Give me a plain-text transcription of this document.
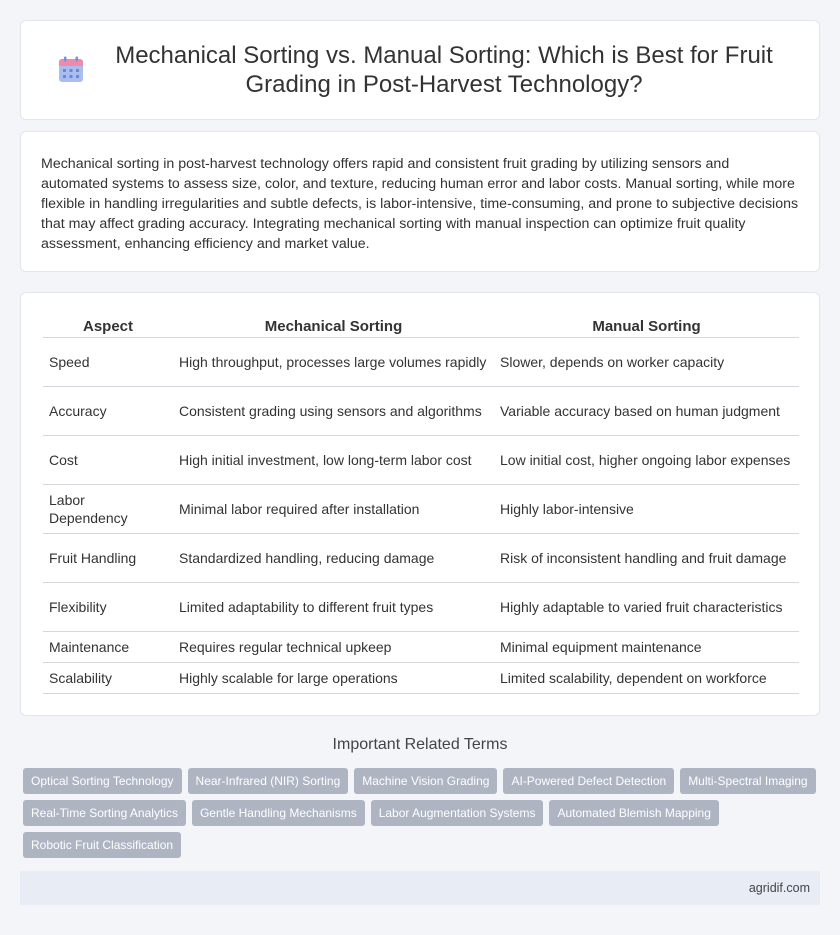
Mechanical Sorting vs. Manual Sorting: Which is Best for Fruit Grading in Post-Harvest Technology?

Mechanical sorting in post-harvest technology offers rapid and consistent fruit grading by utilizing sensors and automated systems to assess size, color, and texture, reducing human error and labor costs. Manual sorting, while more flexible in handling irregularities and subtle defects, is labor-intensive, time-consuming, and prone to subjective decisions that may affect grading accuracy. Integrating mechanical sorting with manual inspection can optimize fruit quality assessment, enhancing efficiency and market value.

Aspect	Mechanical Sorting	Manual Sorting
Speed	High throughput, processes large volumes rapidly	Slower, depends on worker capacity
Accuracy	Consistent grading using sensors and algorithms	Variable accuracy based on human judgment
Cost	High initial investment, low long-term labor cost	Low initial cost, higher ongoing labor expenses
Labor Dependency	Minimal labor required after installation	Highly labor-intensive
Fruit Handling	Standardized handling, reducing damage	Risk of inconsistent handling and fruit damage
Flexibility	Limited adaptability to different fruit types	Highly adaptable to varied fruit characteristics
Maintenance	Requires regular technical upkeep	Minimal equipment maintenance
Scalability	Highly scalable for large operations	Limited scalability, dependent on workforce
Important Related Terms
Optical Sorting Technology	Near-Infrared (NIR) Sorting	Machine Vision Grading	AI-Powered Defect Detection	Multi-Spectral Imaging
Real-Time Sorting Analytics	Gentle Handling Mechanisms	Labor Augmentation Systems	Automated Blemish Mapping
Robotic Fruit Classification
agridif.com
